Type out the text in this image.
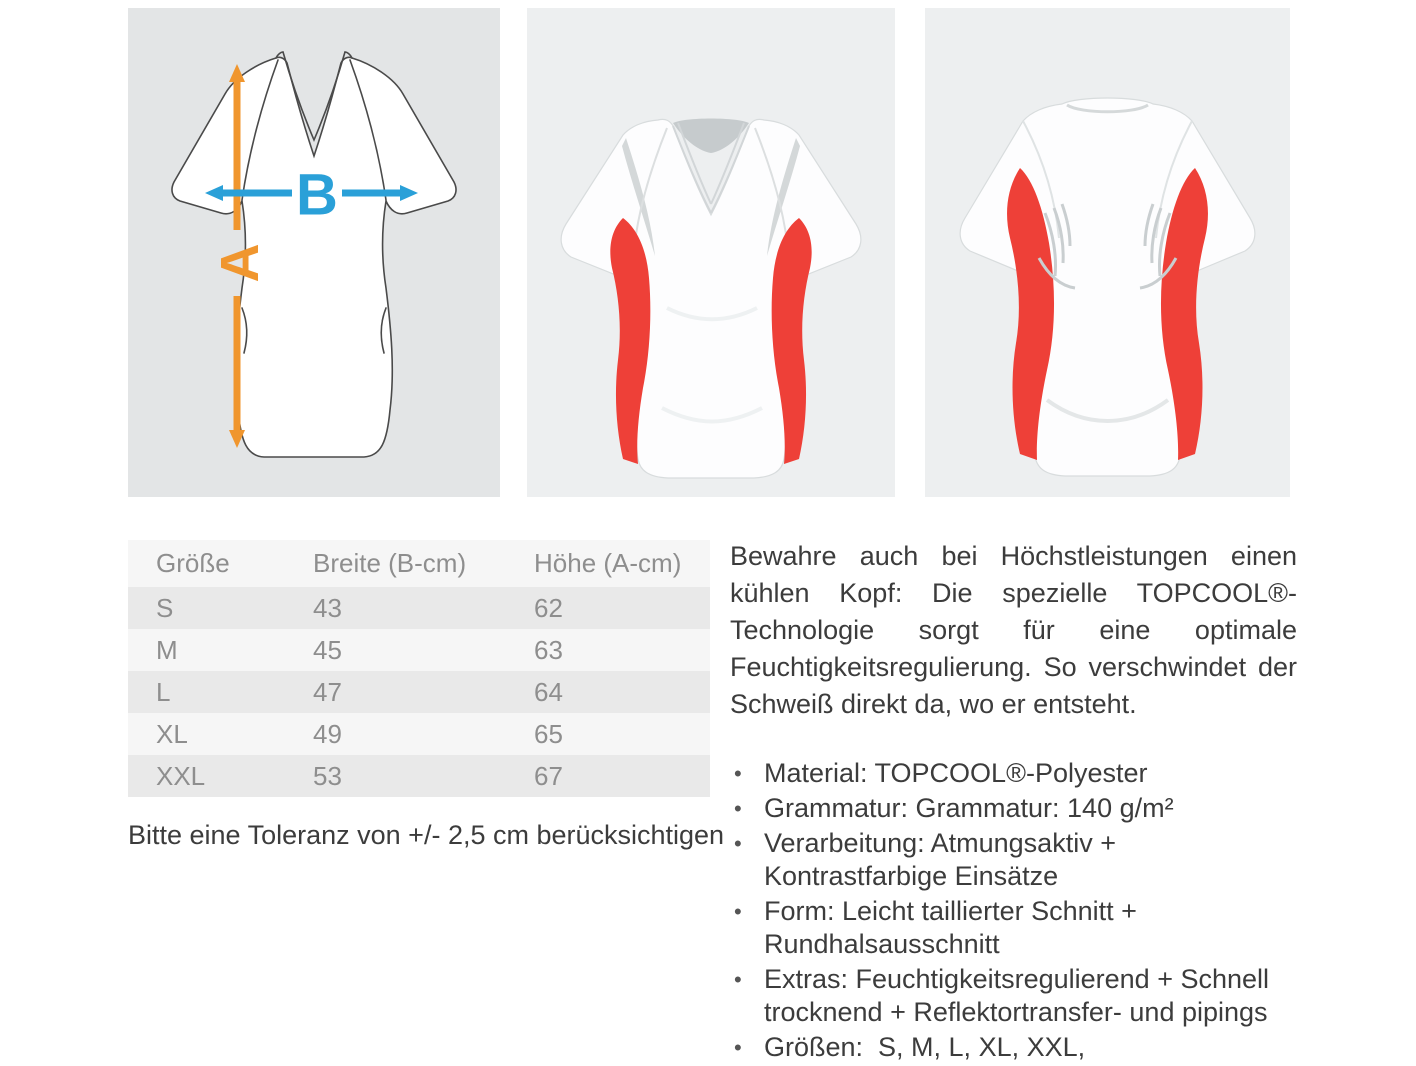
A
B
Größe	Breite (B-cm)	Höhe (A-cm)
S	43	62
M	45	63
L	47	64
XL	49	65
XXL	53	67
Bitte eine Toleranz von +/- 2,5 cm berücksichtigen

Bewahre auch bei Höchstleistungen einen kühlen Kopf: Die spezielle TOPCOOL®-Technologie sorgt für eine optimale Feuchtigkeitsregulierung. So verschwindet der Schweiß direkt da, wo er entsteht.

• Material: TOPCOOL®-Polyester
• Grammatur: Grammatur: 140 g/m²
• Verarbeitung: Atmungsaktiv + Kontrastfarbige Einsätze
• Form: Leicht taillierter Schnitt + Rundhalsausschnitt
• Extras: Feuchtigkeitsregulierend + Schnell trocknend + Reflektortransfer- und pipings
• Größen:  S, M, L, XL, XXL,
